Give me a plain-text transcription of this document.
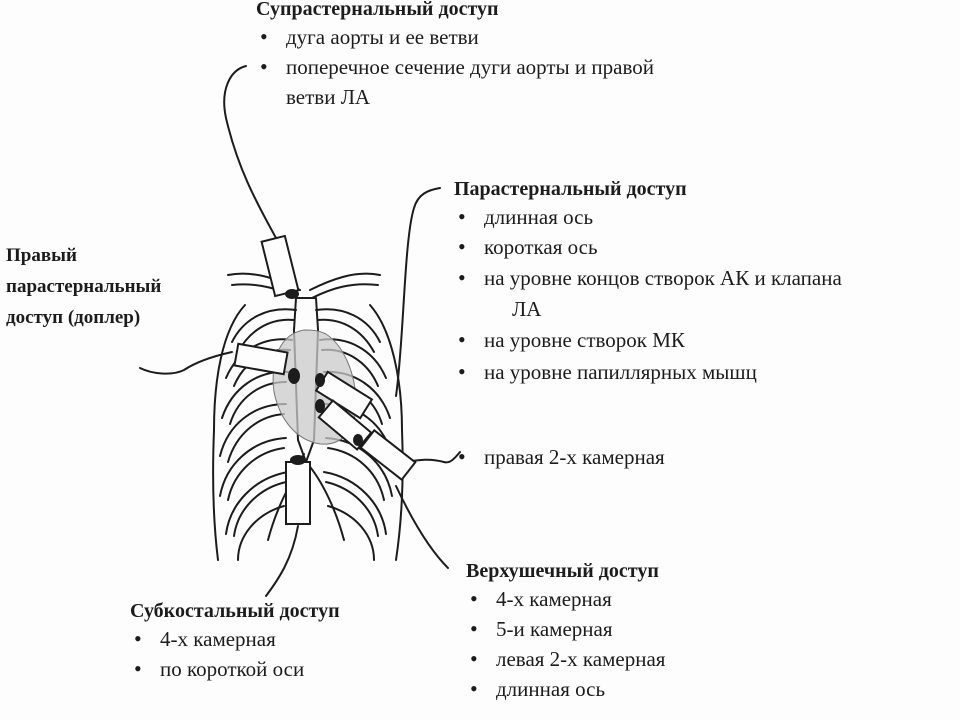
Супрастернальный доступ
• дуга аорты и ее ветви
• поперечное сечение дуги аорты и правой
ветви ЛА
Парастернальный доступ
• длинная ось
• короткая ось
• на уровне концов створок АК и клапана
ЛА
• на уровне створок МК
• на уровне папиллярных мышц
• правая 2-х камерная
Правый
парастернальный
доступ (доплер)
Верхушечный доступ
• 4-х камерная
• 5-и камерная
• левая 2-х камерная
• длинная ось
Субкостальный доступ
• 4-х камерная
• по короткой оси
